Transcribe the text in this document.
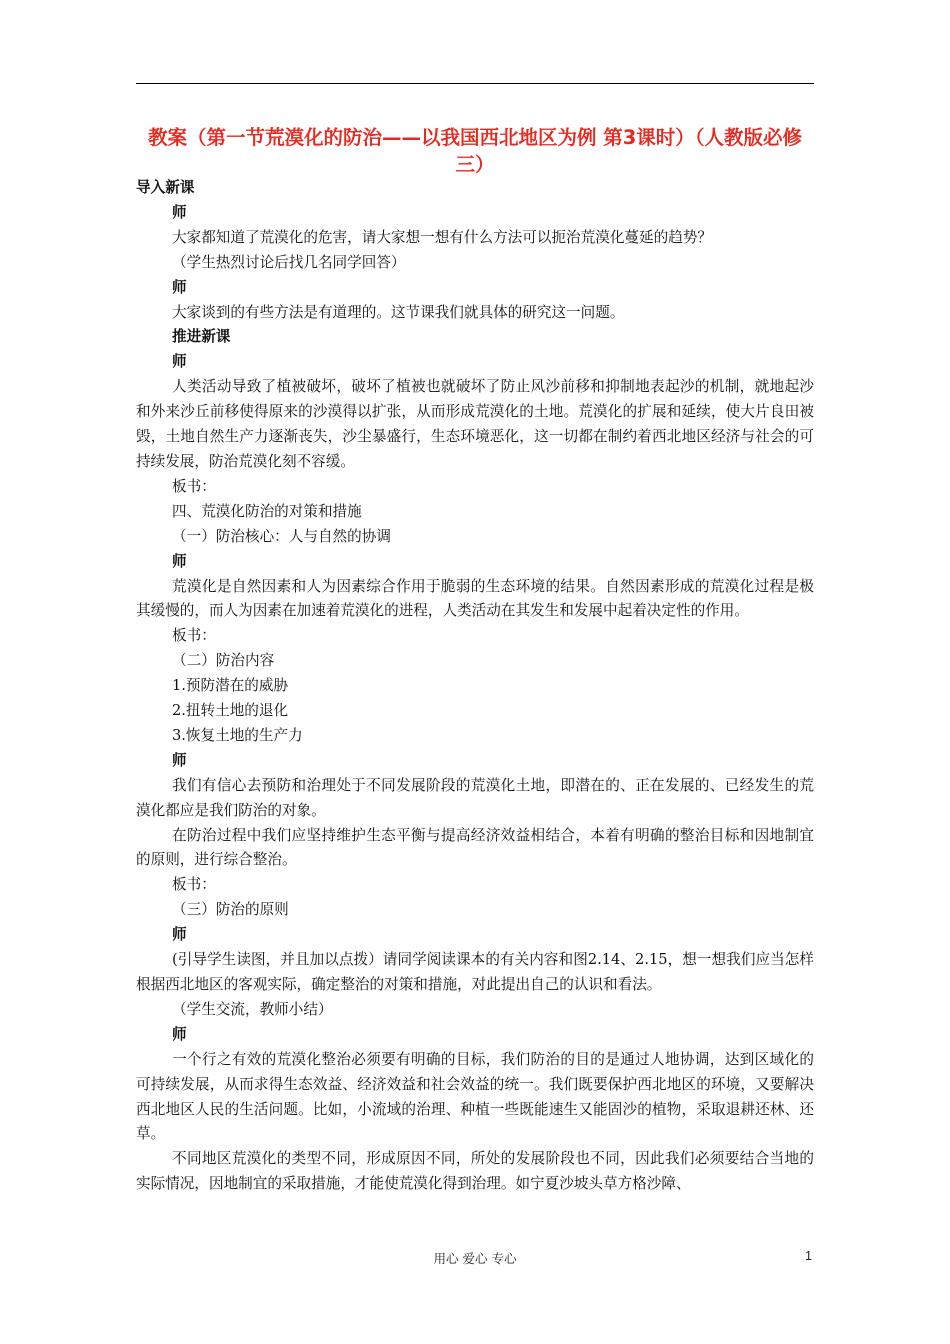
教案（第一节荒漠化的防治——以我国西北地区为例 第3课时）（人教版必修三）

导入新课

师

大家都知道了荒漠化的危害，请大家想一想有什么方法可以扼治荒漠化蔓延的趋势？

（学生热烈讨论后找几名同学回答）

师

大家谈到的有些方法是有道理的。这节课我们就具体的研究这一问题。

推进新课

师

人类活动导致了植被破坏，破坏了植被也就破坏了防止风沙前移和抑制地表起沙的机制，就地起沙和外来沙丘前移使得原来的沙漠得以扩张，从而形成荒漠化的土地。荒漠化的扩展和延续，使大片良田被毁，土地自然生产力逐渐丧失，沙尘暴盛行，生态环境恶化，这一切都在制约着西北地区经济与社会的可持续发展，防治荒漠化刻不容缓。

板书：

四、荒漠化防治的对策和措施

（一）防治核心：人与自然的协调

师

荒漠化是自然因素和人为因素综合作用于脆弱的生态环境的结果。自然因素形成的荒漠化过程是极其缓慢的，而人为因素在加速着荒漠化的进程，人类活动在其发生和发展中起着决定性的作用。

板书：

（二）防治内容

1.预防潜在的威胁

2.扭转土地的退化

3.恢复土地的生产力

师

我们有信心去预防和治理处于不同发展阶段的荒漠化土地，即潜在的、正在发展的、已经发生的荒漠化都应是我们防治的对象。

在防治过程中我们应坚持维护生态平衡与提高经济效益相结合，本着有明确的整治目标和因地制宜的原则，进行综合整治。

板书：

（三）防治的原则

师

(引导学生读图，并且加以点拨）请同学阅读课本的有关内容和图2.14、2.15，想一想我们应当怎样根据西北地区的客观实际，确定整治的对策和措施，对此提出自己的认识和看法。

（学生交流，教师小结）

师

一个行之有效的荒漠化整治必须要有明确的目标，我们防治的目的是通过人地协调，达到区域化的可持续发展，从而求得生态效益、经济效益和社会效益的统一。我们既要保护西北地区的环境，又要解决西北地区人民的生活问题。比如，小流域的治理、种植一些既能速生又能固沙的植物，采取退耕还林、还草。

不同地区荒漠化的类型不同，形成原因不同，所处的发展阶段也不同，因此我们必须要结合当地的实际情况，因地制宜的采取措施，才能使荒漠化得到治理。如宁夏沙坡头草方格沙障、

用心 爱心 专心	1
